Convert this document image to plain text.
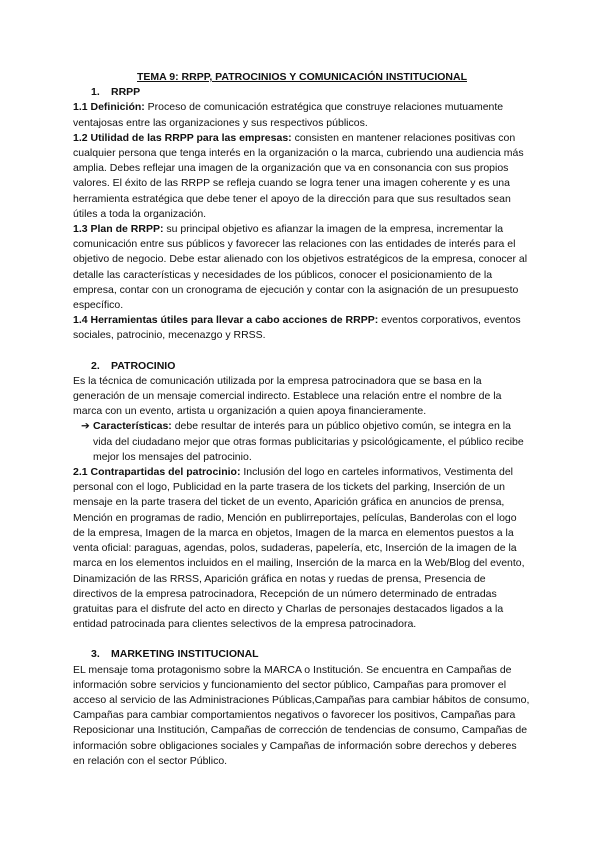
TEMA 9: RRPP, PATROCINIOS Y COMUNICACIÓN INSTITUCIONAL

1. RRPP

1.1 Definición: Proceso de comunicación estratégica que construye relaciones mutuamente ventajosas entre las organizaciones y sus respectivos públicos.

1.2 Utilidad de las RRPP para las empresas: consisten en mantener relaciones positivas con cualquier persona que tenga interés en la organización o la marca, cubriendo una audiencia más amplia. Debes reflejar una imagen de la organización que va en consonancia con sus propios valores. El éxito de las RRPP se refleja cuando se logra tener una imagen coherente y es una herramienta estratégica que debe tener el apoyo de la dirección para que sus resultados sean útiles a toda la organización.

1.3 Plan de RRPP: su principal objetivo es afianzar la imagen de la empresa, incrementar la comunicación entre sus públicos y favorecer las relaciones con las entidades de interés para el objetivo de negocio. Debe estar alienado con los objetivos estratégicos de la empresa, conocer al detalle las características y necesidades de los públicos, conocer el posicionamiento de la empresa, contar con un cronograma de ejecución y contar con la asignación de un presupuesto específico.

1.4 Herramientas útiles para llevar a cabo acciones de RRPP: eventos corporativos, eventos sociales, patrocinio, mecenazgo y RRSS.

2. PATROCINIO

Es la técnica de comunicación utilizada por la empresa patrocinadora que se basa en la generación de un mensaje comercial indirecto. Establece una relación entre el nombre de la marca con un evento, artista u organización a quien apoya financieramente.

➔ Características: debe resultar de interés para un público objetivo común, se integra en la vida del ciudadano mejor que otras formas publicitarias y psicológicamente, el público recibe mejor los mensajes del patrocinio.

2.1 Contrapartidas del patrocinio: Inclusión del logo en carteles informativos, Vestimenta del personal con el logo, Publicidad en la parte trasera de los tickets del parking, Inserción de un mensaje en la parte trasera del ticket de un evento, Aparición gráfica en anuncios de prensa, Mención en programas de radio, Mención en publirreportajes, películas, Banderolas con el logo de la empresa, Imagen de la marca en objetos, Imagen de la marca en elementos puestos a la venta oficial: paraguas, agendas, polos, sudaderas, papelería, etc, Inserción de la imagen de la marca en los elementos incluidos en el mailing, Inserción de la marca en la Web/Blog del evento, Dinamización de las RRSS, Aparición gráfica en notas y ruedas de prensa, Presencia de directivos de la empresa patrocinadora, Recepción de un número determinado de entradas gratuitas para el disfrute del acto en directo y Charlas de personajes destacados ligados a la entidad patrocinada para clientes selectivos de la empresa patrocinadora.

3. MARKETING INSTITUCIONAL

EL mensaje toma protagonismo sobre la MARCA o Institución. Se encuentra en Campañas de información sobre servicios y funcionamiento del sector público, Campañas para promover el acceso al servicio de las Administraciones Públicas,Campañas para cambiar hábitos de consumo, Campañas para cambiar comportamientos negativos o favorecer los positivos, Campañas para Reposicionar una Institución, Campañas de corrección de tendencias de consumo, Campañas de información sobre obligaciones sociales y Campañas de información sobre derechos y deberes en relación con el sector Público.
